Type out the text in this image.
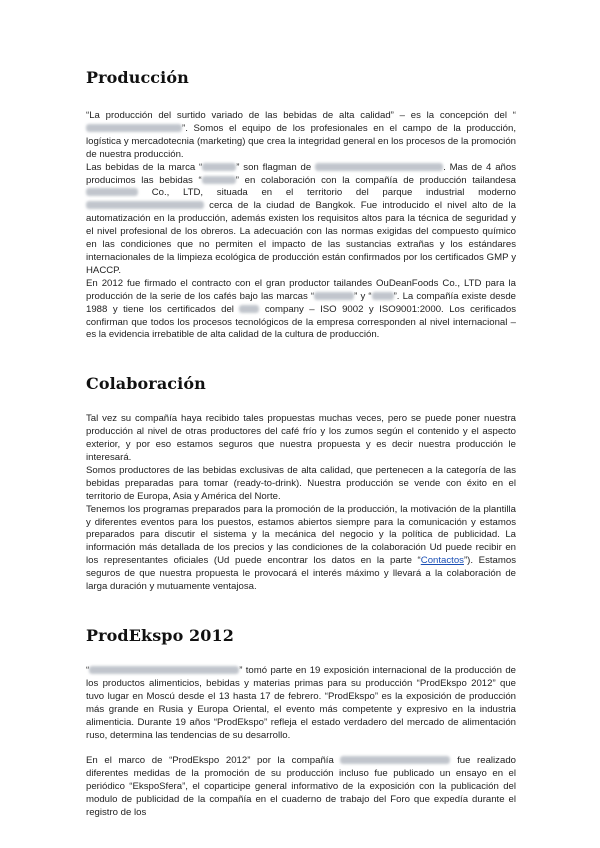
Producción

“La producción del surtido variado de las bebidas de alta calidad” – es la concepción del “”. Somos el equipo de los profesionales en el campo de la producción, logística y mercadotecnia (marketing) que crea la integridad general en los procesos de la promoción de nuestra producción.

Las bebidas de la marca “	” son flagman de	. Mas de 4 años producimos las bebidas “	” en colaboración con la compañía de producción tailandesa  Co., LTD, situada en el territorio del parque industrial moderno  cerca de la ciudad de Bangkok. Fue introducido el nivel alto de la automatización en la producción, además existen los requisitos altos para la técnica de seguridad y el nivel profesional de los obreros. La adecuación con las normas exigidas del compuesto químico en las condiciones que no permiten el impacto de las sustancias extrañas y los estándares internacionales de la limpieza ecológica de producción están confirmados por los certificados GMP y HACCP.

En 2012 fue firmado el contracto con el gran productor tailandes OuDeanFoods Co., LTD para la producción de la serie de los cafés bajo las marcas “	” y “ ”. La compañía existe desde 1988 y tiene los certificados del  company – ISO 9002 y ISO9001:2000. Los cerificados confirman que todos los procesos tecnológicos de la empresa corresponden al nivel internacional – es la evidencia irrebatible de alta calidad de la cultura de producción.

Colaboración

Tal vez su compañía haya recibido tales propuestas muchas veces, pero se puede poner nuestra producción al nivel de otras productores del café frío y los zumos según el contenido y el aspecto exterior, y por eso estamos seguros que nuestra propuesta y es decir nuestra producción le interesará.

Somos productores de las bebidas exclusivas de alta calidad, que pertenecen a la categoría de las bebidas preparadas para tomar (ready-to-drink). Nuestra producción se vende con éxito en el territorio de Europa, Asia y América del Norte.

Tenemos los programas preparados para la promoción de la producción, la motivación de la plantilla y diferentes eventos para los puestos, estamos abiertos siempre para la comunicación y estamos preparados para discutir el sistema y la mecánica del negocio y la política de publicidad. La información más detallada de los precios y las condiciones de la colaboración Ud puede recibir en los representantes oficiales (Ud puede encontrar los datos en la parte “Contactos”). Estamos seguros de que nuestra propuesta le provocará el interés máximo y llevará a la colaboración de larga duración y mutuamente ventajosa.

ProdEkspo 2012

“	” tomó parte en 19 exposición internacional de la producción de los productos alimenticios, bebidas y materias primas para su producción “ProdEkspo 2012” que tuvo lugar en Moscú desde el 13 hasta 17 de febrero. “ProdEkspo” es la exposición de producción más grande en Rusia y Europa Oriental, el evento más competente y expresivo en la industria alimenticia. Durante 19 años “ProdEkspo” refleja el estado verdadero del mercado de alimentación ruso, determina las tendencias de su desarrollo.

En el marco de “ProdEkspo 2012” por la compañía	fue realizado diferentes medidas de la promoción de su producción incluso fue publicado un ensayo en el periódico “EkspoSfera”, el coparticipe general informativo de la exposición con la publicación del modulo de publicidad de la compañía en el cuaderno de trabajo del Foro que expedía durante el registro de los
